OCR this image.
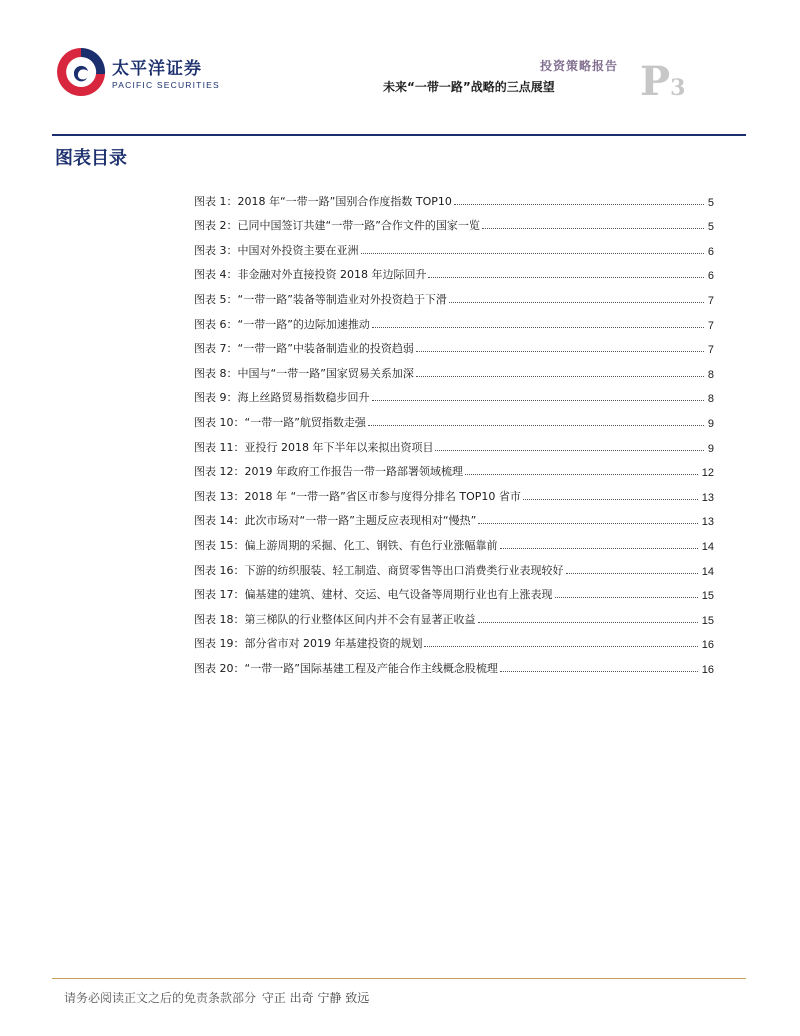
太平洋证券
PACIFIC SECURITIES
投资策略报告
未来“一带一路”战略的三点展望 P3
图表目录
图表 1：2018 年“一带一路”国别合作度指数 TOP10	5
图表 2：已同中国签订共建“一带一路”合作文件的国家一览	5
图表 3：中国对外投资主要在亚洲	6
图表 4：非金融对外直接投资 2018 年边际回升	6
图表 5：“一带一路”装备等制造业对外投资趋于下滑	7
图表 6：“一带一路”的边际加速推动	7
图表 7：“一带一路”中装备制造业的投资趋弱	7
图表 8：中国与“一带一路”国家贸易关系加深	8
图表 9：海上丝路贸易指数稳步回升	8
图表 10：“一带一路”航贸指数走强	9
图表 11：亚投行 2018 年下半年以来拟出资项目	9
图表 12：2019 年政府工作报告一带一路部署领域梳理	12
图表 13：2018 年 “一带一路”省区市参与度得分排名 TOP10 省市	13
图表 14：此次市场对“一带一路”主题反应表现相对“慢热”	13
图表 15：偏上游周期的采掘、化工、钢铁、有色行业涨幅靠前	14
图表 16：下游的纺织服装、轻工制造、商贸零售等出口消费类行业表现较好	14
图表 17：偏基建的建筑、建材、交运、电气设备等周期行业也有上涨表现	15
图表 18：第三梯队的行业整体区间内并不会有显著正收益	15
图表 19：部分省市对 2019 年基建投资的规划	16
图表 20：“一带一路”国际基建工程及产能合作主线概念股梳理	16
请务必阅读正文之后的免责条款部分 守正 出奇 宁静 致远
